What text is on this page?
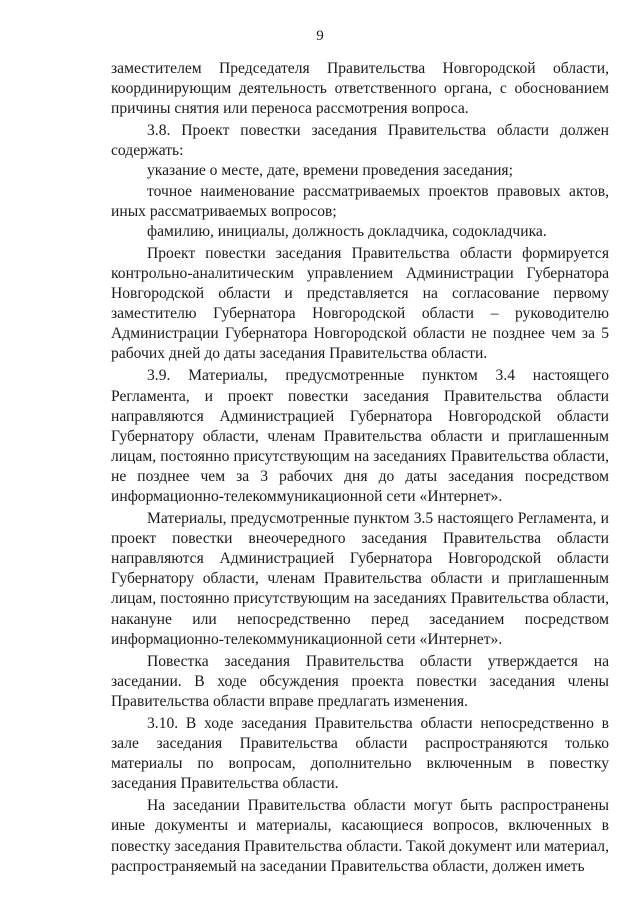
9

заместителем Председателя Правительства Новгородской области, координирующим деятельность ответственного органа, с обоснованием причины снятия или переноса рассмотрения вопроса.

3.8. Проект повестки заседания Правительства области должен содержать:

указание о месте, дате, времени проведения заседания;

точное наименование рассматриваемых проектов правовых актов, иных рассматриваемых вопросов;

фамилию, инициалы, должность докладчика, содокладчика.

Проект повестки заседания Правительства области формируется контрольно-аналитическим управлением Администрации Губернатора Новгородской области и представляется на согласование первому заместителю Губернатора Новгородской области – руководителю Администрации Губернатора Новгородской области не позднее чем за 5 рабочих дней до даты заседания Правительства области.

3.9. Материалы, предусмотренные пунктом 3.4 настоящего Регламента, и проект повестки заседания Правительства области направляются Администрацией Губернатора Новгородской области Губернатору области, членам Правительства области и приглашенным лицам, постоянно присутствующим на заседаниях Правительства области, не позднее чем за 3 рабочих дня до даты заседания посредством информационно-телекоммуникационной сети «Интернет».

Материалы, предусмотренные пунктом 3.5 настоящего Регламента, и проект повестки внеочередного заседания Правительства области направляются Администрацией Губернатора Новгородской области Губернатору области, членам Правительства области и приглашенным лицам, постоянно присутствующим на заседаниях Правительства области, накануне или непосредственно перед заседанием посредством информационно-телекоммуникационной сети «Интернет».

Повестка заседания Правительства области утверждается на заседании. В ходе обсуждения проекта повестки заседания члены Правительства области вправе предлагать изменения.

3.10. В ходе заседания Правительства области непосредственно в зале заседания Правительства области распространяются только материалы по вопросам, дополнительно включенным в повестку заседания Правительства области.

На заседании Правительства области могут быть распространены иные документы и материалы, касающиеся вопросов, включенных в повестку заседания Правительства области. Такой документ или материал, распространяемый на заседании Правительства области, должен иметь
